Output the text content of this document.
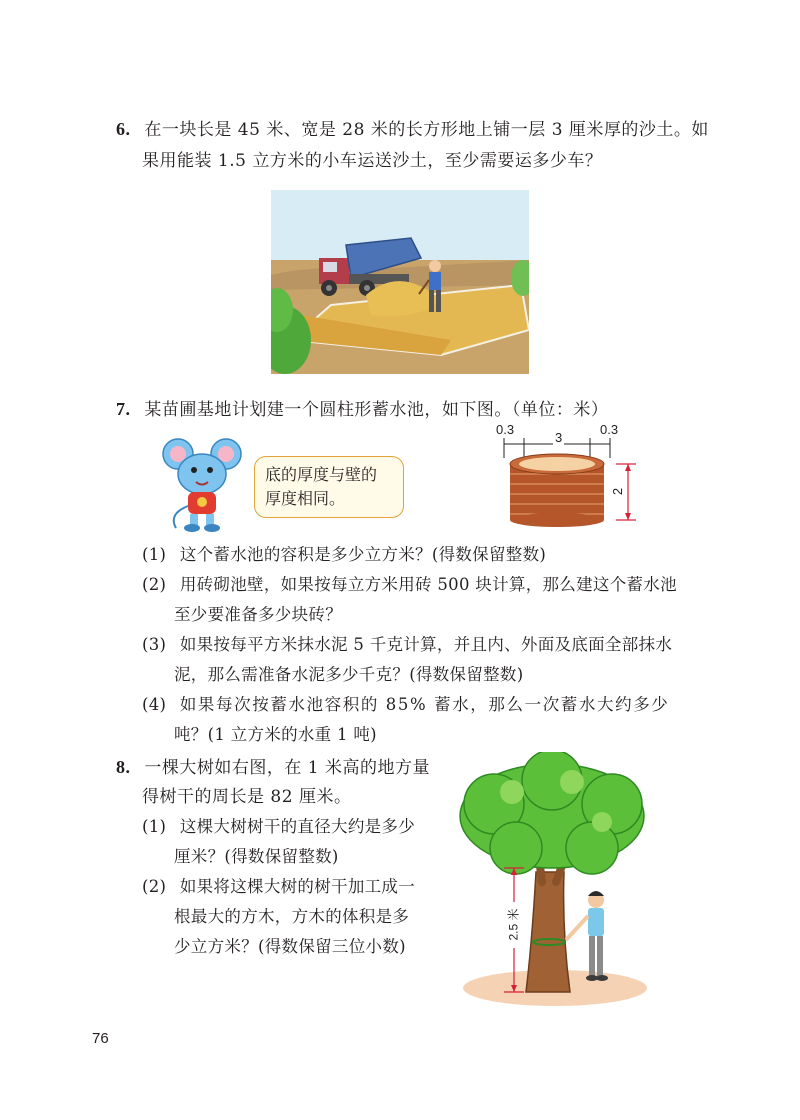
6. 在一块长是 45 米、宽是 28 米的长方形地上铺一层 3 厘米厚的沙土。如
果用能装 1.5 立方米的小车运送沙土，至少需要运多少车？
7. 某苗圃基地计划建一个圆柱形蓄水池，如下图。（单位：米）
底的厚度与壁的
厚度相同。
0.3
3
0.3
2
(1) 这个蓄水池的容积是多少立方米？(得数保留整数)
(2) 用砖砌池壁，如果按每立方米用砖 500 块计算，那么建这个蓄水池
至少要准备多少块砖？
(3) 如果按每平方米抹水泥 5 千克计算，并且内、外面及底面全部抹水
泥，那么需准备水泥多少千克？(得数保留整数)
(4) 如果每次按蓄水池容积的 85% 蓄水，那么一次蓄水大约多少
吨？(1 立方米的水重 1 吨)
8. 一棵大树如右图，在 1 米高的地方量
得树干的周长是 82 厘米。
(1) 这棵大树树干的直径大约是多少
厘米？(得数保留整数)
(2) 如果将这棵大树的树干加工成一
根最大的方木，方木的体积是多
少立方米？(得数保留三位小数)
2.5 米
76
